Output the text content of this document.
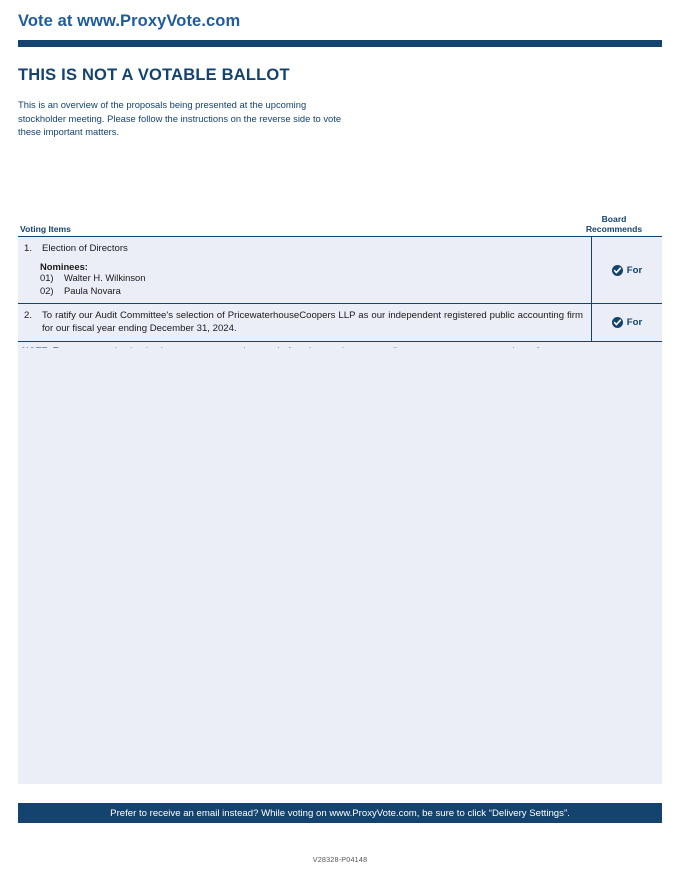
Vote at www.ProxyVote.com
THIS IS NOT A VOTABLE BALLOT
This is an overview of the proposals being presented at the upcoming stockholder meeting. Please follow the instructions on the reverse side to vote these important matters.
Voting Items
Board
Recommends
1.	Election of Directors
Nominees:
01) Walter H. Wilkinson
02) Paula Novara
For
2.	To ratify our Audit Committee's selection of PricewaterhouseCoopers LLP as our independent registered public accounting firm for our fiscal year ending December 31, 2024.
For
Prefer to receive an email instead? While voting on www.ProxyVote.com, be sure to click “Delivery Settings”.
V28328-P04148
